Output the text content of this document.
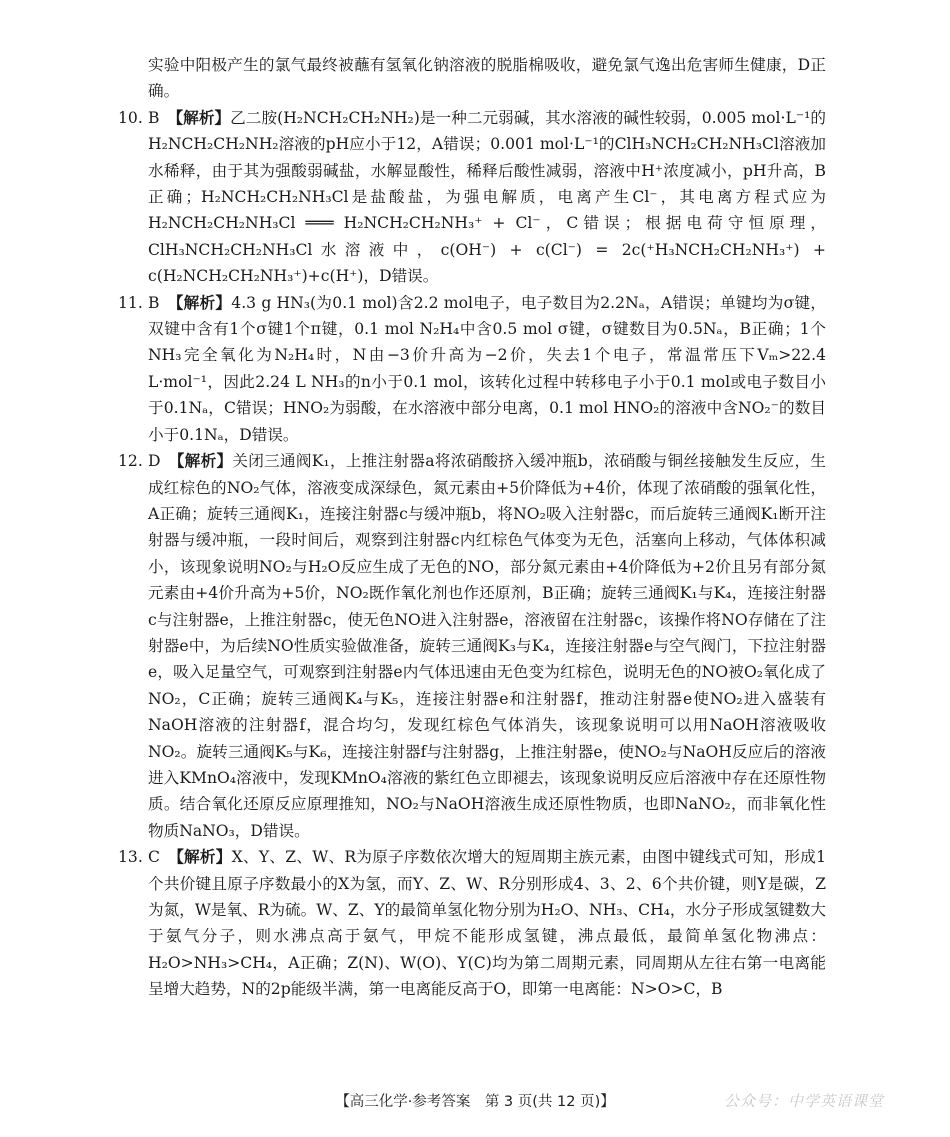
实验中阳极产生的氯气最终被蘸有氢氧化钠溶液的脱脂棉吸收，避免氯气逸出危害师生健康，D正确。

10. B 【解析】乙二胺(H₂NCH₂CH₂NH₂)是一种二元弱碱，其水溶液的碱性较弱，0.005 mol·L⁻¹的H₂NCH₂CH₂NH₂溶液的pH应小于12，A错误；0.001 mol·L⁻¹的ClH₃NCH₂CH₂NH₃Cl溶液加水稀释，由于其为强酸弱碱盐，水解显酸性，稀释后酸性减弱，溶液中H⁺浓度减小，pH升高，B正确；H₂NCH₂CH₂NH₃Cl是盐酸盐，为强电解质，电离产生Cl⁻，其电离方程式应为H₂NCH₂CH₂NH₃Cl ═══ H₂NCH₂CH₂NH₃⁺ + Cl⁻，C错误；根据电荷守恒原理，ClH₃NCH₂CH₂NH₃Cl水溶液中，c(OH⁻) + c(Cl⁻) = 2c(⁺H₃NCH₂CH₂NH₃⁺) + c(H₂NCH₂CH₂NH₃⁺)+c(H⁺)，D错误。

11. B 【解析】4.3 g HN₃(为0.1 mol)含2.2 mol电子，电子数目为2.2Nₐ，A错误；单键均为σ键，双键中含有1个σ键1个π键，0.1 mol N₂H₄中含0.5 mol σ键，σ键数目为0.5Nₐ，B正确；1个NH₃完全氧化为N₂H₄时，N由−3价升高为−2价，失去1个电子，常温常压下Vₘ>22.4 L·mol⁻¹，因此2.24 L NH₃的n小于0.1 mol，该转化过程中转移电子小于0.1 mol或电子数目小于0.1Nₐ，C错误；HNO₂为弱酸，在水溶液中部分电离，0.1 mol HNO₂的溶液中含NO₂⁻的数目小于0.1Nₐ，D错误。

12. D 【解析】关闭三通阀K₁，上推注射器a将浓硝酸挤入缓冲瓶b，浓硝酸与铜丝接触发生反应，生成红棕色的NO₂气体，溶液变成深绿色，氮元素由+5价降低为+4价，体现了浓硝酸的强氧化性，A正确；旋转三通阀K₁，连接注射器c与缓冲瓶b，将NO₂吸入注射器c，而后旋转三通阀K₁断开注射器与缓冲瓶，一段时间后，观察到注射器c内红棕色气体变为无色，活塞向上移动，气体体积减小，该现象说明NO₂与H₂O反应生成了无色的NO，部分氮元素由+4价降低为+2价且另有部分氮元素由+4价升高为+5价，NO₂既作氧化剂也作还原剂，B正确；旋转三通阀K₁与K₄，连接注射器c与注射器e，上推注射器c，使无色NO进入注射器e，溶液留在注射器c，该操作将NO存储在了注射器e中，为后续NO性质实验做准备，旋转三通阀K₃与K₄，连接注射器e与空气阀门，下拉注射器e，吸入足量空气，可观察到注射器e内气体迅速由无色变为红棕色，说明无色的NO被O₂氧化成了NO₂，C正确；旋转三通阀K₄与K₅，连接注射器e和注射器f，推动注射器e使NO₂进入盛装有NaOH溶液的注射器f，混合均匀，发现红棕色气体消失，该现象说明可以用NaOH溶液吸收NO₂。旋转三通阀K₅与K₆，连接注射器f与注射器g，上推注射器e，使NO₂与NaOH反应后的溶液进入KMnO₄溶液中，发现KMnO₄溶液的紫红色立即褪去，该现象说明反应后溶液中存在还原性物质。结合氧化还原反应原理推知，NO₂与NaOH溶液生成还原性物质，也即NaNO₂，而非氧化性物质NaNO₃，D错误。

13. C 【解析】X、Y、Z、W、R为原子序数依次增大的短周期主族元素，由图中键线式可知，形成1个共价键且原子序数最小的X为氢，而Y、Z、W、R分别形成4、3、2、6个共价键，则Y是碳，Z为氮，W是氧、R为硫。W、Z、Y的最简单氢化物分别为H₂O、NH₃、CH₄，水分子形成氢键数大于氨气分子，则水沸点高于氨气，甲烷不能形成氢键，沸点最低，最简单氢化物沸点：H₂O>NH₃>CH₄，A正确；Z(N)、W(O)、Y(C)均为第二周期元素，同周期从左往右第一电离能呈增大趋势，N的2p能级半满，第一电离能反高于O，即第一电离能：N>O>C，B

【高三化学·参考答案　第 3 页(共 12 页)】	公众号：中学英语课堂
